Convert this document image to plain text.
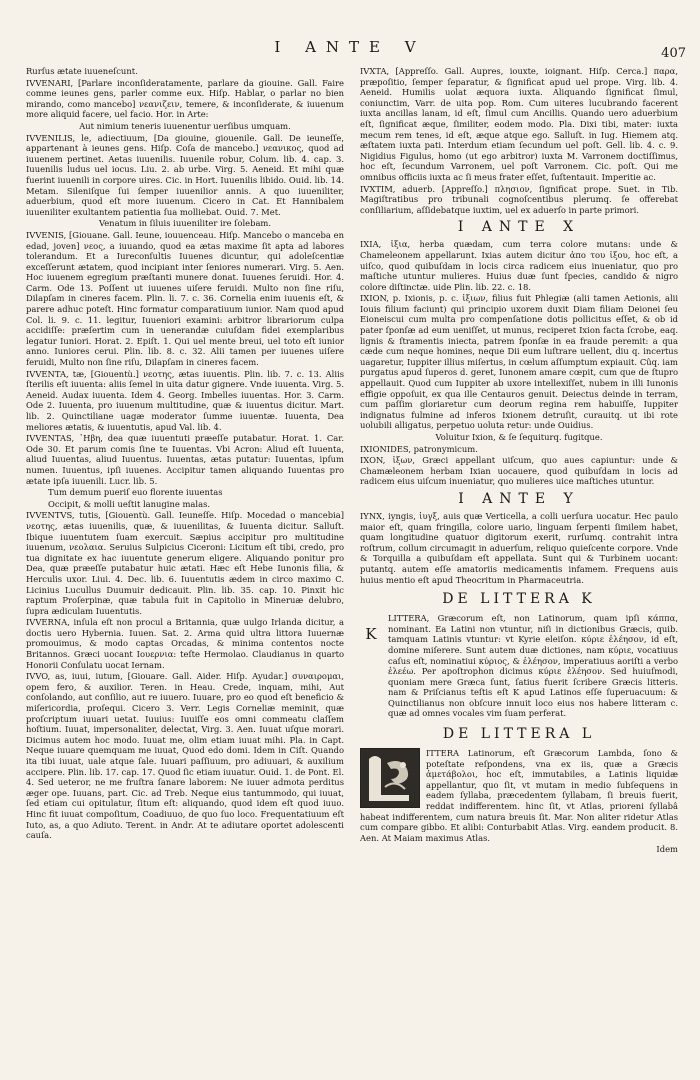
I ANTE V	407

Rurſus ætate iuueneſcunt.

IVVENARI, [Parlare inconſideratamente, parlare da giouine. Gall. Faire comme ieunes gens, parler comme eux. Hiſp. Hablar, o parlar no bien mirando, como mancebo] νεανιζειν, temere, & inconſiderate, & iuuenum more aliquid facere, uel facio. Hor. in Arte:

Aut nimium teneris iuuenentur uerſibus umquam.

IVVENILIS, le, adiectiuum, [Da giouine, giouenile. Gall. De ieuneſſe, appartenant à ieunes gens. Hiſp. Coſa de mancebo.] νεανικος, quod ad iuuenem pertinet. Aetas iuuenilis. Iuuenile robur, Colum. lib. 4. cap. 3. Iuuenilis ludus uel iocus. Liu. 2. ab urbe. Virg. 5. Aeneid. Et mihi quæ fuerint iuuenili in corpore uires. Cic. in Hort. Iuuenilis libido. Ouid. lib. 14. Metam. Sileniſque ſui ſemper iuuenilior annis. A quo iuueniliter, aduerbium, quod eſt more iuuenum. Cicero in Cat. Et Hannibalem iuueniliter exultantem patientia ſua molliebat. Ouid. 7. Met.

Venatum in ſiluis iuueniliter ire ſolebam.

IVVENIS, [Giouane. Gall. Ieune, iouuenceau. Hiſp. Mancebo o manceba en edad, joven] νεος, a iuuando, quod ea ætas maxime ſit apta ad labores tolerandum. Et a Iureconſultis Iuuenes dicuntur, qui adoleſcentiæ exceſſerunt ætatem, quod incipiant inter ſeniores numerari. Virg. 5. Aen. Hoc iuuenem egregium præſtanti munere donat. Iuuenes ſeruidi. Hor. 4. Carm. Ode 13. Poſſent ut iuuenes uiſere feruidi. Multo non ſine riſu, Dilapſam in cineres facem. Plin. li. 7. c. 36. Cornelia enim iuuenis eſt, & parere adhuc poteſt. Hinc formatur comparatiuum iunior. Nam quod apud Col. li. 9. c. 11. legitur, Iuueniori examini: arbitror librariorum culpa accidiſſe: præſertim cum in uenerandæ cuiuſdam fidei exemplaribus legatur Iuniori. Horat. 2. Epiſt. 1. Qui uel mente breui, uel toto eſt iunior anno. Iuniores cerui. Plin. lib. 8. c. 32. Alii tamen per iuuenes uiſere feruidi, Multo non ſine riſu, Dilapſam in cineres facem.

IVVENTA, tæ, [Giouentù.] νεοτης, ætas iuuentis. Plin. lib. 7. c. 13. Aliis ſterilis eſt iuuenta: aliis ſemel in uita datur gignere. Vnde iuuenta. Virg. 5. Aeneid. Audax iuuenta. Idem 4. Georg. Imbelles iuuentas. Hor. 3. Carm. Ode 2. Iuuenta, pro iuuenum multitudine, quæ & iuuentus dicitur. Mart. lib. 2. Quinctiliane uagæ moderator ſumme iuuentæ. Iuuenta, Dea meliores ætatis, & iuuentutis, apud Val. lib. 4.

IVVENTAS, ᾽Ηβη, dea quæ iuuentuti præeſſe putabatur. Horat. 1. Car. Ode 30. Et parum comis ſine te Iuuentas. Vbi Acron: Aliud eſt Iuuenta, aliud Iuuentas, aliud Iuuentus. Iuuentas, ætas putatur: Iuuentas, ipſum numen. Iuuentus, ipſi iuuenes. Accipitur tamen aliquando Iuuentas pro ætate ipſa iuuenili. Lucr. lib. 5.

Tum demum pueriſ euo florente iuuentas

Occipit, & molli ueſtit lanugine malas.

IVVENTVS, tutis, [Giouentù. Gall. Ieuneſſe. Hiſp. Mocedad o mancebia] νεοτης, ætas iuuenilis, quæ, & iuuenilitas, & Iuuenta dicitur. Salluſt. Ibique iuuentutem ſuam exercuit. Sæpius accipitur pro multitudine iuuenum, νεολαια. Seruius Sulpicius Ciceroni: Licitum eſt tibi, credo, pro tua dignitate ex hac iuuentute generum eligere. Aliquando ponitur pro Dea, quæ præeſſe putabatur huic ætati. Hæc eſt Hebe Iunonis filia, & Herculis uxor. Liui. 4. Dec. lib. 6. Iuuentutis ædem in circo maximo C. Licinius Lucullus Duumuir dedicauit. Plin. lib. 35. cap. 10. Pinxit hic raptum Proſerpinæ, quæ tabula fuit in Capitolio in Mineruæ delubro, ſupra ædiculam Iuuentutis.

IVVERNA, inſula eſt non procul a Britannia, quæ uulgo Irlanda dicitur, a doctis uero Hybernia. Iuuen. Sat. 2. Arma quid ultra littora Iuuernæ promouimus, & modo captas Orcadas, & minima contentos nocte Britannos. Græci uocant Ιουερνια: teſte Hermolao. Claudianus in quarto Honorii Conſulatu uocat Iernam.

IVVO, as, iuui, iutum, [Giouare. Gall. Aider. Hiſp. Ayudar.] συναιρομαι, opem fero, & auxilior. Teren. in Heau. Crede, inquam, mihi, Aut conſolando, aut conſilio, aut re iuuero. Iuuare, pro eo quod eſt beneficio & miſericordia, proſequi. Cicero 3. Verr. Legis Corneliæ meminit, quæ proſcriptum iuuari uetat. Iuuius: Iuuiſſe eos omni commeatu claſſem hoſtium. Iuuat, impersonaliter, delectat, Virg. 3. Aen. Iuuat uſque morari. Dicimus autem hoc modo. Iuuat me, olim etiam iuuat mihi. Pla. in Capt. Neque iuuare quemquam me iuuat, Quod edo domi. Idem in Ciſt. Quando ita tibi iuuat, uale atque ſale. Iuuari paſſiuum, pro adiuuari, & auxilium accipere. Plin. lib. 17. cap. 17. Quod ſic etiam iuuatur. Ouid. 1. de Pont. El. 4. Sed ueteror, ne me fruſtra ſanare laborem: Ne iuuer admota perditus æger ope. Iuuans, part. Cic. ad Treb. Neque eius tantummodo, qui iuuat, ſed etiam cui opitulatur, ſitum eſt: aliquando, quod idem eſt quod iuuo. Hinc fit iuuat compoſitum, Coadiuuo, de quo ſuo loco. Frequentatiuum eſt Iuto, as, a quo Adiuto. Terent. in Andr. At te adiutare oportet adolescenti cauſa.

IVXTA, [Appreſſo. Gall. Aupres, iouxte, ioignant. Hiſp. Cerca.] παρα, præpoſitio, ſemper ſeparatur, & ſignificat apud uel prope. Virg. lib. 4. Aeneid. Humilis uolat æquora iuxta. Aliquando ſignificat ſimul, coniunctim, Varr. de uita pop. Rom. Cum uiteres lucubrando facerent iuxta ancillas lanam, id eſt, ſimul cum Ancillis. Quando uero aduerbium eſt, ſignificat æque, ſimiliter, eodem modo. Pla. Dixi tibi, mater: iuxta mecum rem tenes, id eſt, æque atque ego. Salluſt. in Iug. Hiemem atq. æſtatem iuxta pati. Interdum etiam ſecundum uel poſt. Gell. lib. 4. c. 9. Nigidius Figulus, homo (ut ego arbitror) iuxta M. Varronem doctiſſimus, hoc eſt, ſecundum Varronem, uel poſt Varronem. Cic. poſt. Qui me omnibus officiis iuxta ac ſi meus frater eſſet, ſuſtentauit. Imperitie ac.

IVXTIM, aduerb. [Appreſſo.] πλησιον, ſignificat prope. Suet. in Tib. Magiſtratibus pro tribunali cognoſcentibus plerumq. ſe offerebat conſiliarium, aſſidebatque iuxtim, uel ex aduerſo in parte primori.

I ANTE X

IXIA, ἰξια, herba quædam, cum terra colore mutans: unde & Chameleonem appellarunt. Ixias autem dicitur ἀπο του ἰξου, hoc eſt, a uiſco, quod quibuſdam in locis circa radicem eius inueniatur, quo pro maſtiche utuntur mulieres. Huius duæ ſunt ſpecies, candido & nigro colore diſtinctæ. uide Plin. lib. 22. c. 18.

IXION, p. Ixionis, p. c. ἰξιων, filius fuit Phlegiæ (alii tamen Aetionis, alii Iouis filium faciunt) qui principio uxorem duxit Diam filiam Deionei ſeu Eioneiscui cum multa pro compenſatione dotis pollicitus eſſet, & ob id pater ſponſæ ad eum ueniſſet, ut munus, reciperet Ixion facta ſcrobe, eaq. lignis & ſtramentis iniecta, patrem ſponſæ in ea fraude peremit: a qua cæde cum neque homines, neque Dii eum luſtrare uellent, diu q. incertus uagaretur, Iuppiter illius miſertus, in cœlum aſſumptum expiauit. Cûq. iam purgatus apud ſuperos d. geret, Iunonem amare cœpit, cum que de ſtupro appellauit. Quod cum Iuppiter ab uxore intellexiſſet, nubem in illi Iunonis effigie oppoſuit, ex qua ille Centauros genuit. Deiectus deinde in terram, cum paſſim gloriaretur cum deorum regina rem habuiſſe, Iuppiter indignatus fulmine ad inferos Ixionem detruſit, curauitq. ut ibi rote uolubili alligatus, perpetuo uoluta retur: unde Ouidius.

Voluitur Ixion, & ſe ſequiturq. fugitque.

IXIONIDES, patronymicum.

IXON, ἰξων, Græci appellant uiſcum, quo aues capiuntur: unde & Chamæleonem herbam Ixian uocauere, quod quibuſdam in locis ad radicem eius uiſcum inueniatur, quo mulieres uice maſtiches utuntur.

I ANTE Y

IYNX, iyngis, ἰυγξ, auis quæ Verticella, a colli uerſura uocatur. Hec paulo maior eſt, quam fringilla, colore uario, linguam ſerpenti ſimilem habet, quam longitudine quatuor digitorum exerit, rurſumq. contrahit intra roſtrum, collum circumagit in aduerſum, reliquo quieſcente corpore. Vnde & Torquilla a quibuſdam eſt appellata. Sunt qui & Turbinem uocant: putantq. autem eſſe amatoriis medicamentis infamem. Frequens auis huius mentio eſt apud Theocritum in Pharmaceutria.

DE LITTERA K
K

LITTERA, Græcorum eſt, non Latinorum, quam ipſi κάππα, nominant. Ea Latini non vtuntur, niſi in dictionibus Græcis, quib. tamquam Latinis vtuntur: vt Kyrie eleiſon. κύριε ἐλέησον, id eſt, domine miſerere. Sunt autem duæ dictiones, nam κύριε, vocatiuus caſus eſt, nominatiui κύριος, & ἐλέησον, imperatiuus aoriſti a verbo ἐλεέω. Per apoſtrophon dicimus κύριε ἐλέησον. Sed huiuſmodi, quoniam mere Græca ſunt, ſatius fuerit ſcribere Græcis litteris. nam & Priſcianus teſtis eſt K apud Latinos eſſe ſuperuacuum: & Quinctilianus non obſcure innuit loco eius nos habere litteram c. quæ ad omnes vocales vim ſuam perferat.

DE LITTERA L

ITTERA Latinorum, eſt Græcorum Lambda, ſono & poteſtate reſpondens, vna ex iis, quæ a Græcis ἀμετάβολοι, hoc eſt, immutabiles, a Latinis liquidæ appellantur, quo ſit, vt mutam in medio ſubſequens in eadem ſyllaba, præcedentem ſyllabam, ſi breuis fuerit, reddat indifferentem. hinc ſit, vt Atlas, prioreni ſyllabâ habeat indifferentem, cum natura breuis ſit. Mar. Non aliter ridetur Atlas cum compare gibbo. Et alibi: Conturbabit Atlas. Virg. eandem producit. 8. Aen. At Maiam maximus Atlas.

Idem
